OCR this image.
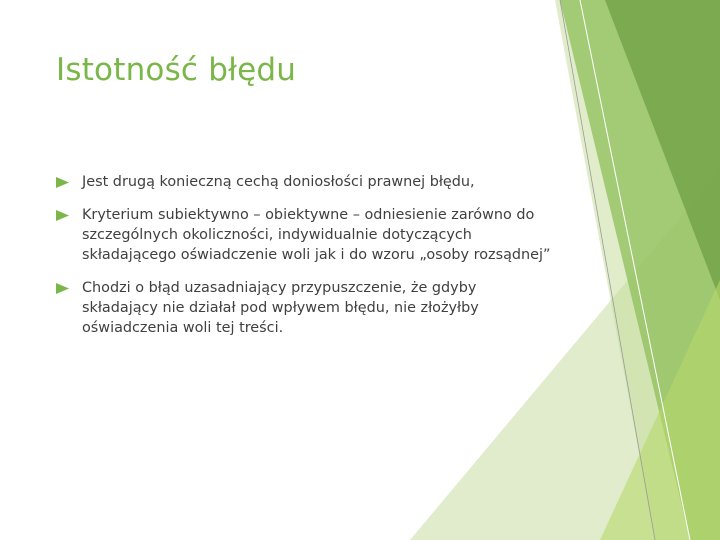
Istotność błędu
Jest drugą konieczną cechą doniosłości prawnej błędu,
Kryterium subiektywno – obiektywne – odniesienie zarówno do szczególnych okoliczności, indywidualnie dotyczących składającego oświadczenie woli jak i do wzoru „osoby rozsądnej”
Chodzi o błąd uzasadniający przypuszczenie, że gdyby składający nie działał pod wpływem błędu, nie złożyłby oświadczenia woli tej treści.
